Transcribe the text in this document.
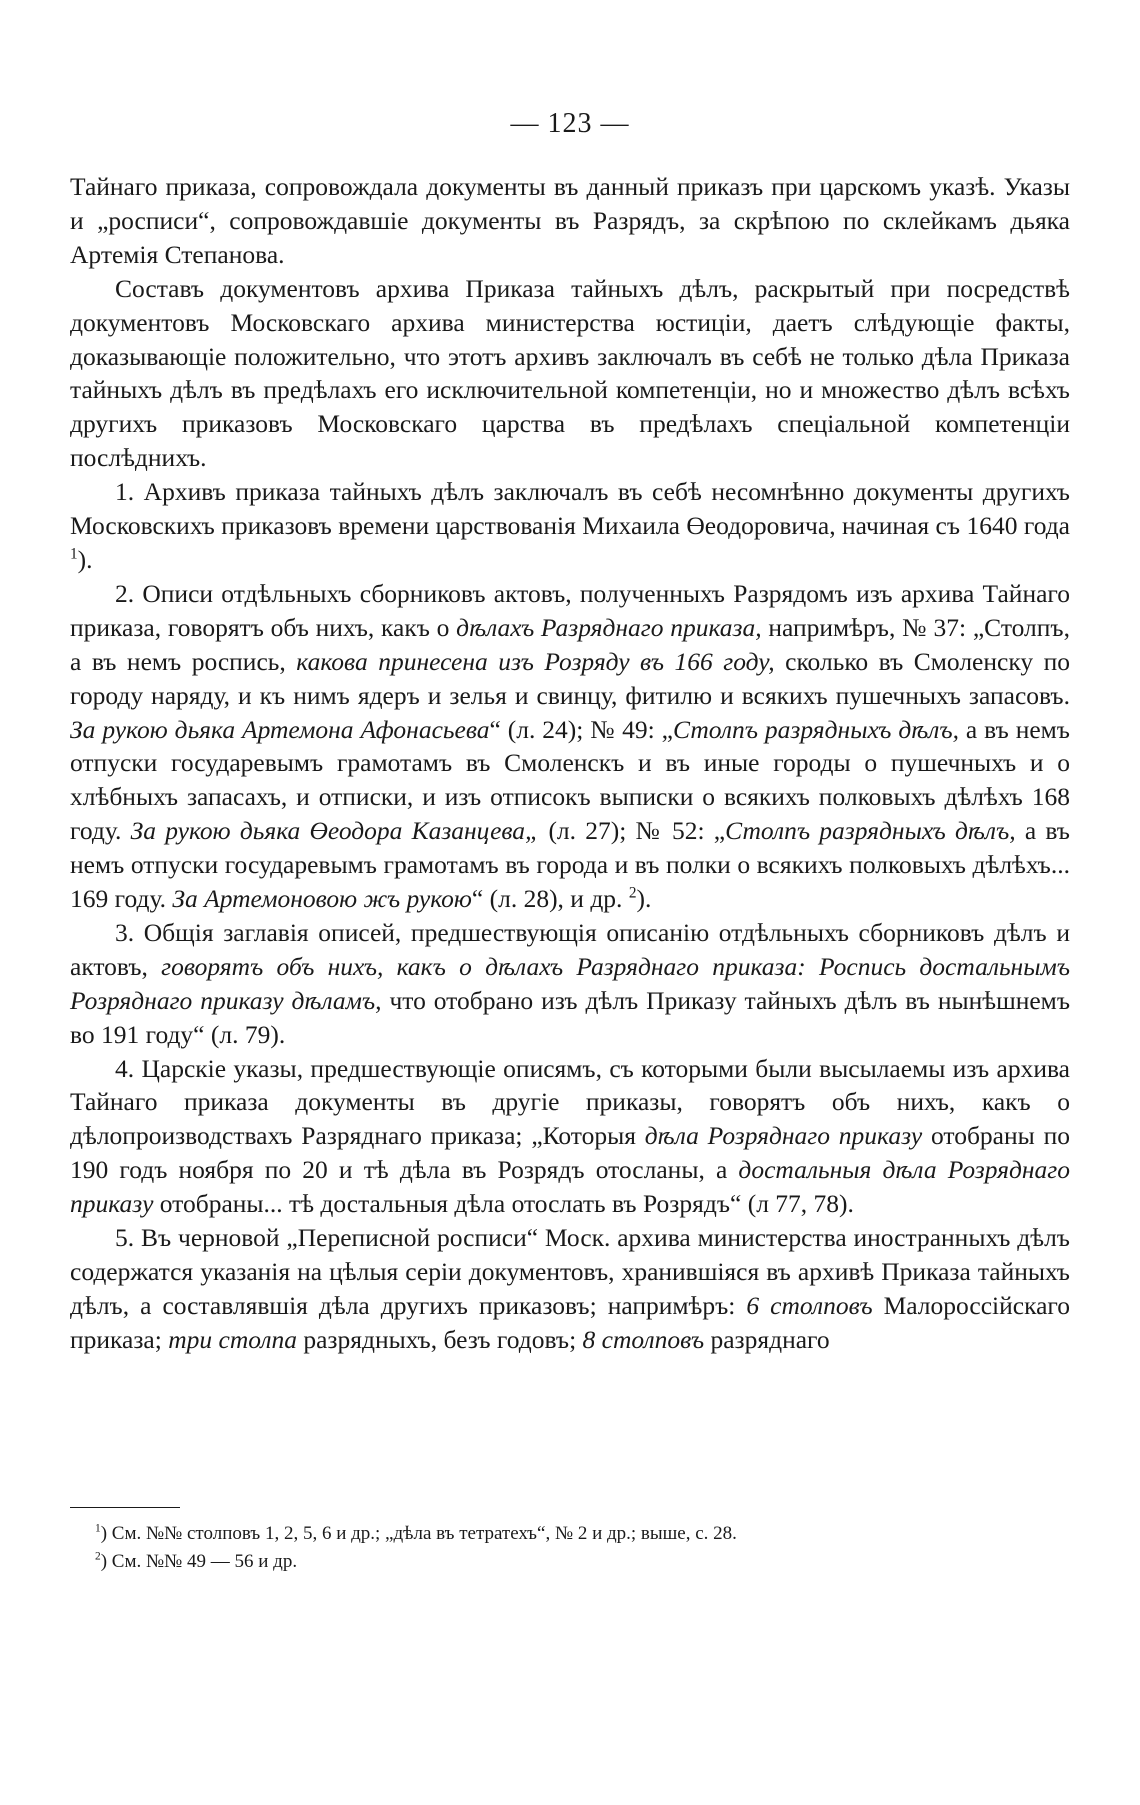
— 123 —

Тайнаго приказа, сопровождала документы въ данный приказъ при царскомъ указѣ. Указы и „росписи“, сопровождавшіе документы въ Разрядъ, за скрѣпою по склейкамъ дьяка Артемія Степанова.

Составъ документовъ архива Приказа тайныхъ дѣлъ, раскрытый при посредствѣ документовъ Московскаго архива министерства юстиціи, даетъ слѣдующіе факты, доказывающіе положительно, что этотъ архивъ заключалъ въ себѣ не только дѣла Приказа тайныхъ дѣлъ въ предѣлахъ его исключительной компетенціи, но и множество дѣлъ всѣхъ другихъ приказовъ Московскаго царства въ предѣлахъ спеціальной компетенціи послѣднихъ.

1. Архивъ приказа тайныхъ дѣлъ заключалъ въ себѣ несомнѣнно документы другихъ Московскихъ приказовъ времени царствованія Михаила Өеодоровича, начиная съ 1640 года $^1$).

2. Описи отдѣльныхъ сборниковъ актовъ, полученныхъ Разрядомъ изъ архива Тайнаго приказа, говорятъ объ нихъ, какъ о дѣлахъ Разряднаго приказа, напримѣръ, № 37: „Столпъ, а въ немъ роспись, какова принесена изъ Розряду въ 166 году, сколько въ Смоленску по городу наряду, и къ нимъ ядеръ и зелья и свинцу, фитилю и всякихъ пушечныхъ запасовъ. За рукою дьяка Артемона Афонасьева“ (л. 24); № 49: „Столпъ разрядныхъ дѣлъ, а въ немъ отпуски государевымъ грамотамъ въ Смоленскъ и въ иные городы о пушечныхъ и о хлѣбныхъ запасахъ, и отписки, и изъ отписокъ выписки о всякихъ полковыхъ дѣлѣхъ 168 году. За рукою дьяка Өеодора Казанцева„ (л. 27); № 52: „Столпъ разрядныхъ дѣлъ, а въ немъ отпуски государевымъ грамотамъ въ города и въ полки о всякихъ полковыхъ дѣлѣхъ... 169 году. За Артемоновою жъ рукою“ (л. 28), и др. $^2$).

3. Общія заглавія описей, предшествующія описанію отдѣльныхъ сборниковъ дѣлъ и актовъ, говорятъ объ нихъ, какъ о дѣлахъ Разряднаго приказа: Роспись достальнымъ Розряднаго приказу дѣламъ, что отобрано изъ дѣлъ Приказу тайныхъ дѣлъ въ нынѣшнемъ во 191 году“ (л. 79).

4. Царскіе указы, предшествующіе описямъ, съ которыми были высылаемы изъ архива Тайнаго приказа документы въ другіе приказы, говорятъ объ нихъ, какъ о дѣлопроизводствахъ Разряднаго приказа; „Которыя дѣла Розряднаго приказу отобраны по 190 годъ ноября по 20 и тѣ дѣла въ Розрядъ отосланы, а достальныя дѣла Розряднаго приказу отобраны... тѣ достальныя дѣла отослать въ Розрядъ“ (л 77, 78).

5. Въ черновой „Переписной росписи“ Моск. архива министерства иностранныхъ дѣлъ содержатся указанія на цѣлыя серіи документовъ, хранившіяся въ архивѣ Приказа тайныхъ дѣлъ, а составлявшія дѣла другихъ приказовъ; напримѣръ: 6 столповъ Малороссійскаго приказа; три столпа разрядныхъ, безъ годовъ; 8 столповъ разряднаго

$^1$) См. №№ столповъ 1, 2, 5, 6 и др.; „дѣла въ тетратехъ“, № 2 и др.; выше, с. 28.

$^2$) См. №№ 49 — 56 и др.
